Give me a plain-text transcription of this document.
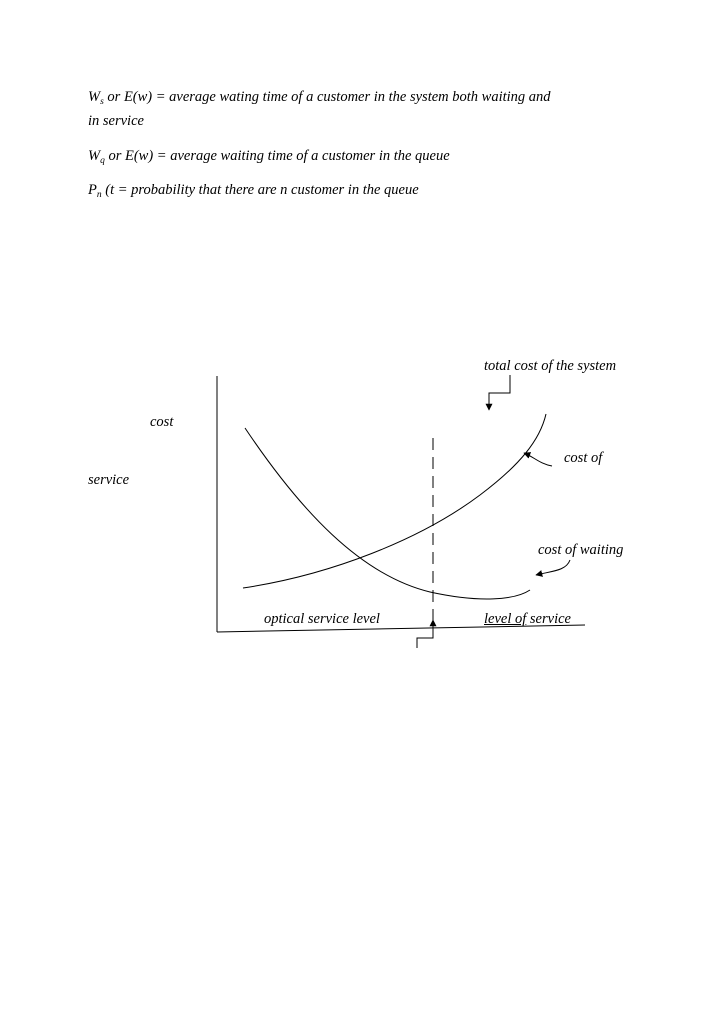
$W_s$ or E(w) = average wating time of a customer in the system both waiting and
in service
$W_q$ or E(w) = average waiting time of a customer in the queue
$P_n$ (t = probability that there are n customer in the queue
cost
total cost of the system
cost of
service
cost of waiting
optical service level	level of service
